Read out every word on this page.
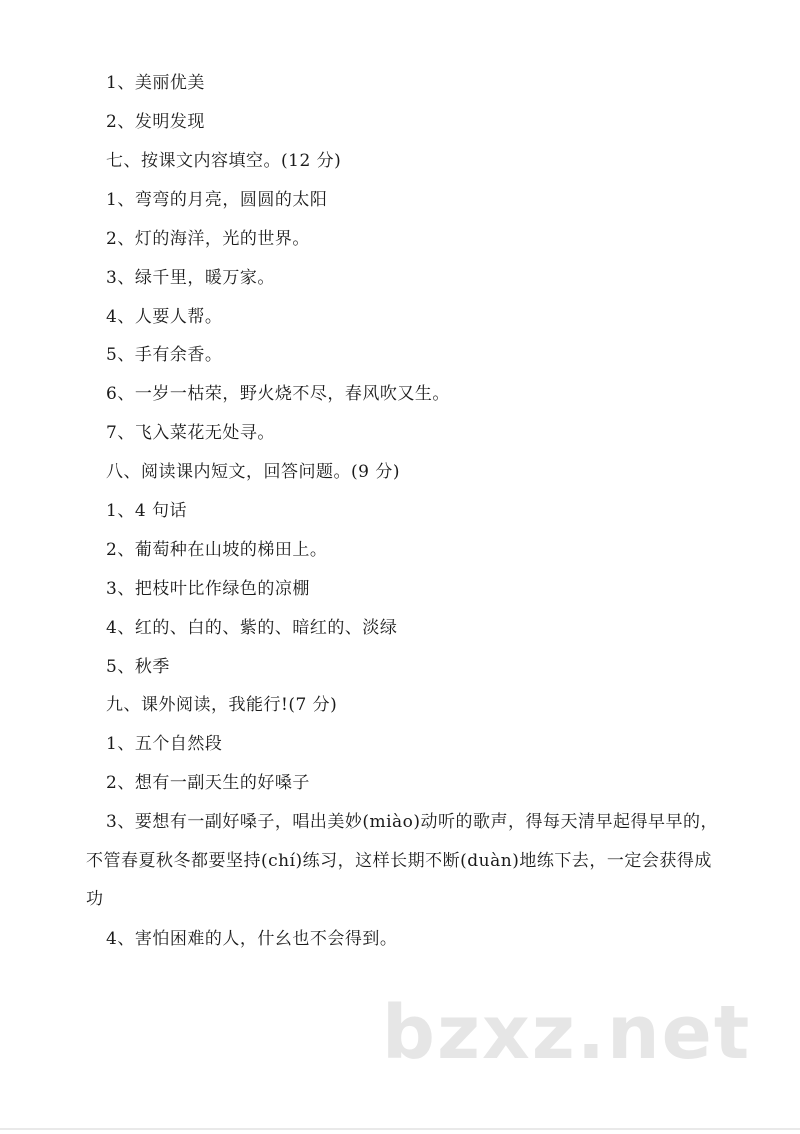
1、美丽优美
2、发明发现
七、按课文内容填空。(12 分)
1、弯弯的月亮，圆圆的太阳
2、灯的海洋，光的世界。
3、绿千里，暖万家。
4、人要人帮。
5、手有余香。
6、一岁一枯荣，野火烧不尽，春风吹又生。
7、飞入菜花无处寻。
八、阅读课内短文，回答问题。(9 分)
1、4 句话
2、葡萄种在山坡的梯田上。
3、把枝叶比作绿色的凉棚
4、红的、白的、紫的、暗红的、淡绿
5、秋季
九、课外阅读，我能行!(7 分)
1、五个自然段
2、想有一副天生的好嗓子
3、要想有一副好嗓子，唱出美妙(miào)动听的歌声，得每天清早起得早早的，不管春夏秋冬都要坚持(chí)练习，这样长期不断(duàn)地练下去，一定会获得成功
4、害怕困难的人，什幺也不会得到。
bzxz.net
